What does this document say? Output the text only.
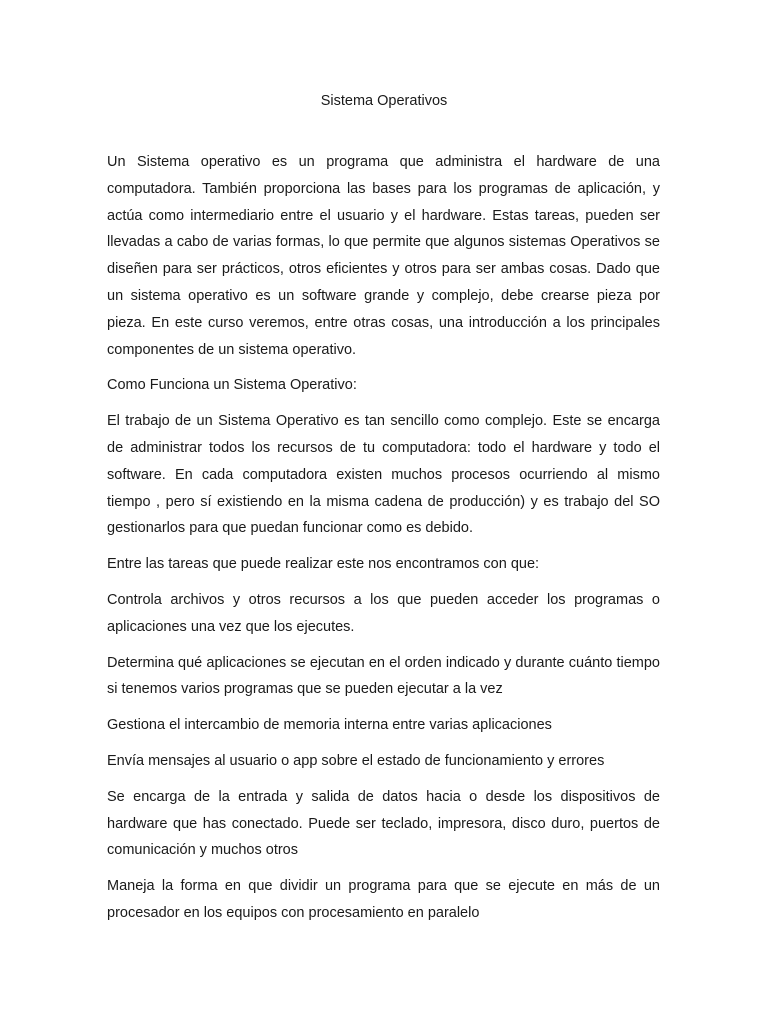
Sistema Operativos

Un Sistema operativo es un programa que administra el hardware de una computadora. También proporciona las bases para los programas de aplicación, y actúa como intermediario entre el usuario y el hardware. Estas tareas, pueden ser llevadas a cabo de varias formas, lo que permite que algunos sistemas Operativos se diseñen para ser prácticos, otros eficientes y otros para ser ambas cosas. Dado que un sistema operativo es un software grande y complejo, debe crearse pieza por pieza. En este curso veremos, entre otras cosas, una introducción a los principales componentes de un sistema operativo.

Como Funciona un Sistema Operativo:

El trabajo de un Sistema Operativo es tan sencillo como complejo. Este se encarga de administrar todos los recursos de tu computadora: todo el hardware y todo el software. En cada computadora existen muchos procesos ocurriendo al mismo tiempo , pero sí existiendo en la misma cadena de producción) y es trabajo del SO gestionarlos para que puedan funcionar como es debido.

Entre las tareas que puede realizar este nos encontramos con que:

Controla archivos y otros recursos a los que pueden acceder los programas o aplicaciones una vez que los ejecutes.

Determina qué aplicaciones se ejecutan en el orden indicado y durante cuánto tiempo si tenemos varios programas que se pueden ejecutar a la vez

Gestiona el intercambio de memoria interna entre varias aplicaciones

Envía mensajes al usuario o app sobre el estado de funcionamiento y errores

Se encarga de la entrada y salida de datos hacia o desde los dispositivos de hardware que has conectado. Puede ser teclado, impresora, disco duro, puertos de comunicación y muchos otros

Maneja la forma en que dividir un programa para que se ejecute en más de un procesador en los equipos con procesamiento en paralelo
